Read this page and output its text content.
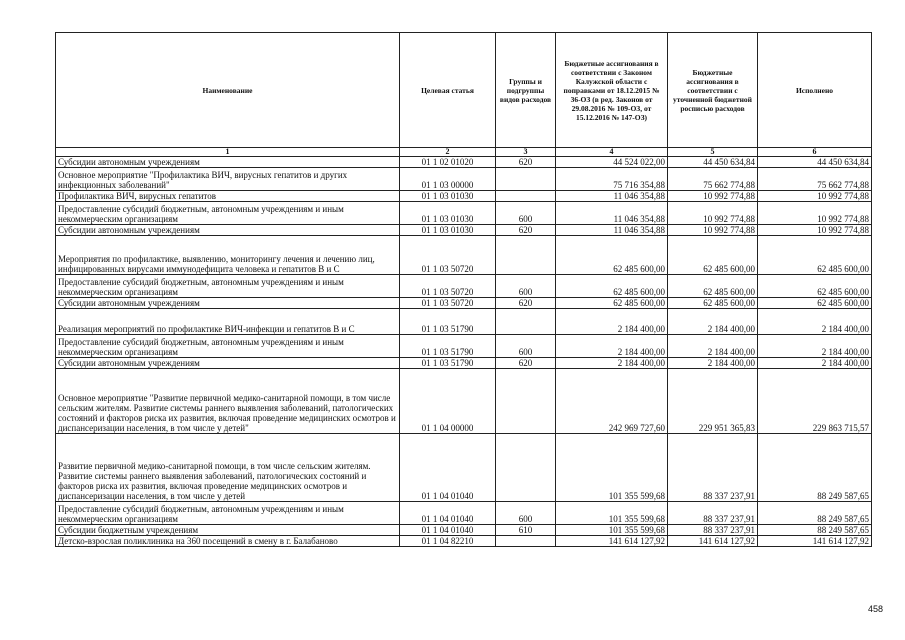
Наименование	Целевая статья	Группы и подгруппы видов расходов	Бюджетные ассигнования в соответствии с Законом Калужской области с поправками от 18.12.2015 № 36-ОЗ (в ред. Законов от 29.08.2016 № 109-ОЗ, от 15.12.2016 № 147-ОЗ)	Бюджетные ассигнования в соответствии с уточненной бюджетной росписью расходов	Исполнено
1	2	3	4	5	6
Субсидии автономным учреждениям	01 1 02 01020	620	44 524 022,00	44 450 634,84	44 450 634,84
Основное мероприятие "Профилактика ВИЧ, вирусных гепатитов и других инфекционных заболеваний"	01 1 03 00000		75 716 354,88	75 662 774,88	75 662 774,88
Профилактика ВИЧ, вирусных гепатитов	01 1 03 01030		11 046 354,88	10 992 774,88	10 992 774,88
Предоставление субсидий бюджетным, автономным учреждениям и иным некоммерческим организациям	01 1 03 01030	600	11 046 354,88	10 992 774,88	10 992 774,88
Субсидии автономным учреждениям	01 1 03 01030	620	11 046 354,88	10 992 774,88	10 992 774,88
Мероприятия по профилактике, выявлению, мониторингу лечения и лечению лиц, инфицированных вирусами иммунодефицита человека и гепатитов В и С	01 1 03 50720		62 485 600,00	62 485 600,00	62 485 600,00
Предоставление субсидий бюджетным, автономным учреждениям и иным некоммерческим организациям	01 1 03 50720	600	62 485 600,00	62 485 600,00	62 485 600,00
Субсидии автономным учреждениям	01 1 03 50720	620	62 485 600,00	62 485 600,00	62 485 600,00
Реализация мероприятий по профилактике ВИЧ-инфекции и гепатитов В и С	01 1 03 51790		2 184 400,00	2 184 400,00	2 184 400,00
Предоставление субсидий бюджетным, автономным учреждениям и иным некоммерческим организациям	01 1 03 51790	600	2 184 400,00	2 184 400,00	2 184 400,00
Субсидии автономным учреждениям	01 1 03 51790	620	2 184 400,00	2 184 400,00	2 184 400,00
Основное мероприятие "Развитие первичной медико-санитарной помощи, в том числе сельским жителям. Развитие системы раннего выявления заболеваний, патологических состояний и факторов риска их развития, включая проведение медицинских осмотров и диспансеризации населения, в том числе у детей"	01 1 04 00000		242 969 727,60	229 951 365,83	229 863 715,57
Развитие первичной медико-санитарной помощи, в том числе сельским жителям. Развитие системы раннего выявления заболеваний, патологических состояний и факторов риска их развития, включая проведение медицинских осмотров и диспансеризации населения, в том числе у детей	01 1 04 01040		101 355 599,68	88 337 237,91	88 249 587,65
Предоставление субсидий бюджетным, автономным учреждениям и иным некоммерческим организациям	01 1 04 01040	600	101 355 599,68	88 337 237,91	88 249 587,65
Субсидии бюджетным учреждениям	01 1 04 01040	610	101 355 599,68	88 337 237,91	88 249 587,65
Детско-взрослая поликлиника на 360 посещений в смену в г. Балабаново	01 1 04 82210		141 614 127,92	141 614 127,92	141 614 127,92
458
